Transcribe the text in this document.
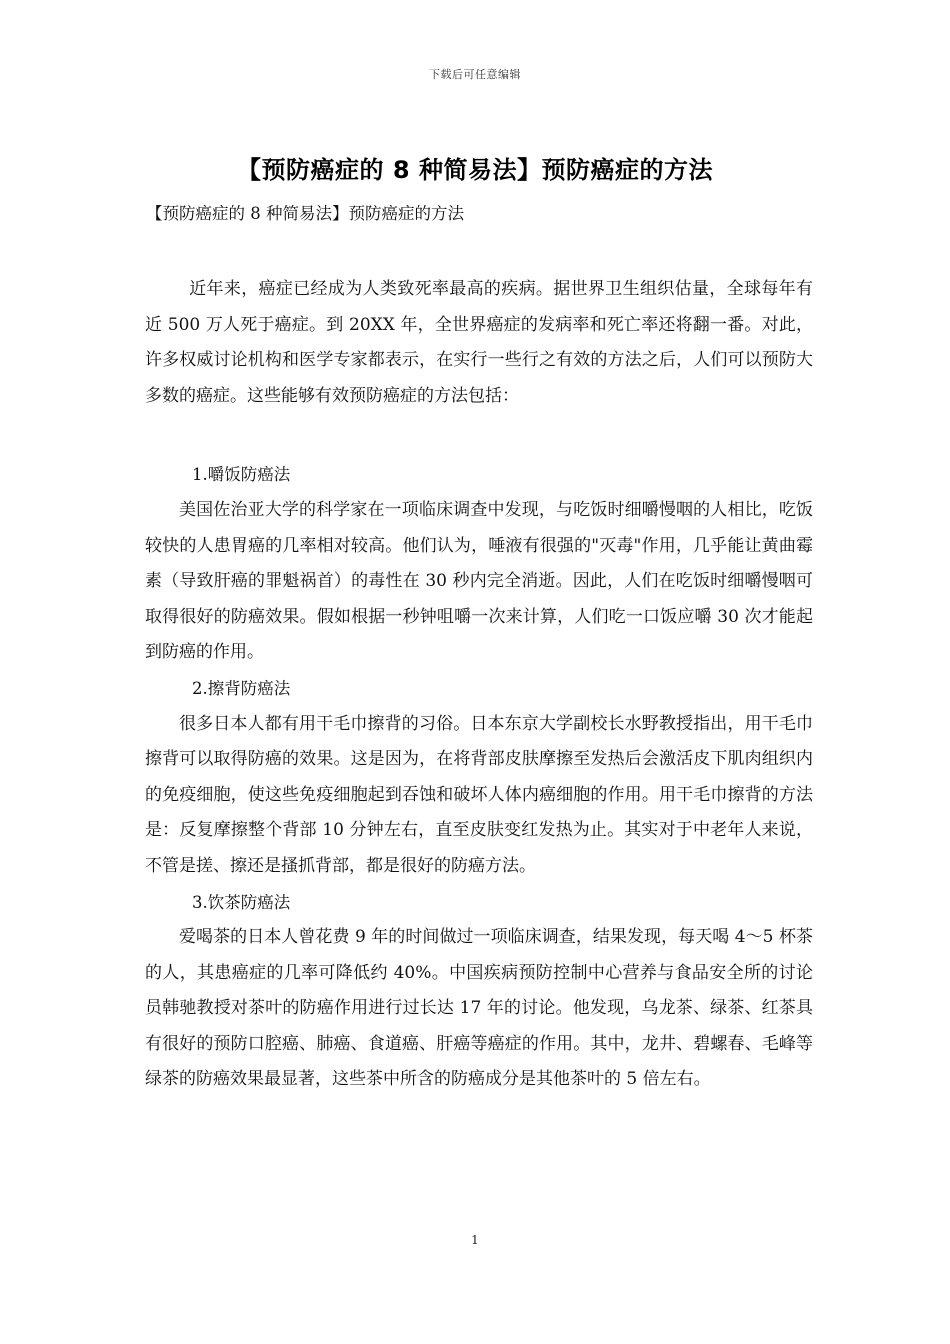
下载后可任意编辑
【预防癌症的 8 种简易法】预防癌症的方法
【预防癌症的 8 种简易法】预防癌症的方法

近年来，癌症已经成为人类致死率最高的疾病。据世界卫生组织估量，全球每年有近 500 万人死于癌症。到 20XX 年，全世界癌症的发病率和死亡率还将翻一番。对此，许多权威讨论机构和医学专家都表示，在实行一些行之有效的方法之后，人们可以预防大多数的癌症。这些能够有效预防癌症的方法包括：

1.嚼饭防癌法

美国佐治亚大学的科学家在一项临床调查中发现，与吃饭时细嚼慢咽的人相比，吃饭较快的人患胃癌的几率相对较高。他们认为，唾液有很强的"灭毒"作用，几乎能让黄曲霉素（导致肝癌的罪魁祸首）的毒性在 30 秒内完全消逝。因此，人们在吃饭时细嚼慢咽可取得很好的防癌效果。假如根据一秒钟咀嚼一次来计算，人们吃一口饭应嚼 30 次才能起到防癌的作用。

2.擦背防癌法

很多日本人都有用干毛巾擦背的习俗。日本东京大学副校长水野教授指出，用干毛巾擦背可以取得防癌的效果。这是因为，在将背部皮肤摩擦至发热后会激活皮下肌肉组织内的免疫细胞，使这些免疫细胞起到吞蚀和破坏人体内癌细胞的作用。用干毛巾擦背的方法是：反复摩擦整个背部 10 分钟左右，直至皮肤变红发热为止。其实对于中老年人来说，不管是搓、擦还是搔抓背部，都是很好的防癌方法。

3.饮茶防癌法

爱喝茶的日本人曾花费 9 年的时间做过一项临床调查，结果发现，每天喝 4～5 杯茶的人，其患癌症的几率可降低约 40%。中国疾病预防控制中心营养与食品安全所的讨论员韩驰教授对茶叶的防癌作用进行过长达 17 年的讨论。他发现，乌龙茶、绿茶、红茶具有很好的预防口腔癌、肺癌、食道癌、肝癌等癌症的作用。其中，龙井、碧螺春、毛峰等绿茶的防癌效果最显著，这些茶中所含的防癌成分是其他茶叶的 5 倍左右。

1
